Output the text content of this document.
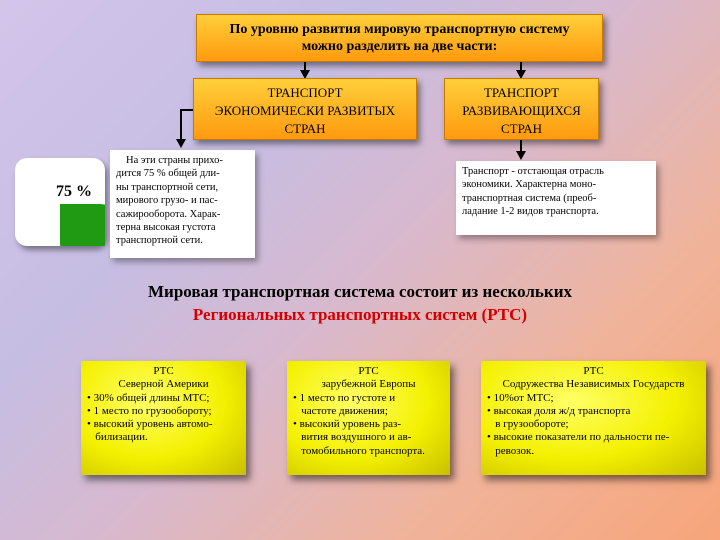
По уровню развития мировую транспортную систему
можно разделить на две части:
ТРАНСПОРТ
ЭКОНОМИЧЕСКИ РАЗВИТЫХ
СТРАН
ТРАНСПОРТ
РАЗВИВАЮЩИХСЯ
СТРАН
75 %
На эти страны прихо-
дится 75 % общей дли-
ны транспортной сети,
мирового грузо- и пас-
сажирооборота. Харак-
терна высокая густота
транспортной сети.
Транспорт - отстающая отрасль
экономики. Характерна моно-
транспортная система (преоб-
ладание 1-2 видов транспорта.
Мировая транспортная система состоит из нескольких
Региональных транспортных систем (РТС)
РТС
Северной Америки
• 30% общей длины МТС;
• 1 место по грузообороту;
• высокий уровень автомо-
билизации.
РТС
зарубежной Европы
• 1 место по густоте и
частоте движения;
• высокий уровень раз-
вития воздушного и ав-
томобильного транспорта.
РТС
Содружества Независимых Государств
• 10%от МТС;
• высокая доля ж/д транспорта
в грузообороте;
• высокие показатели по дальности пе-
ревозок.
